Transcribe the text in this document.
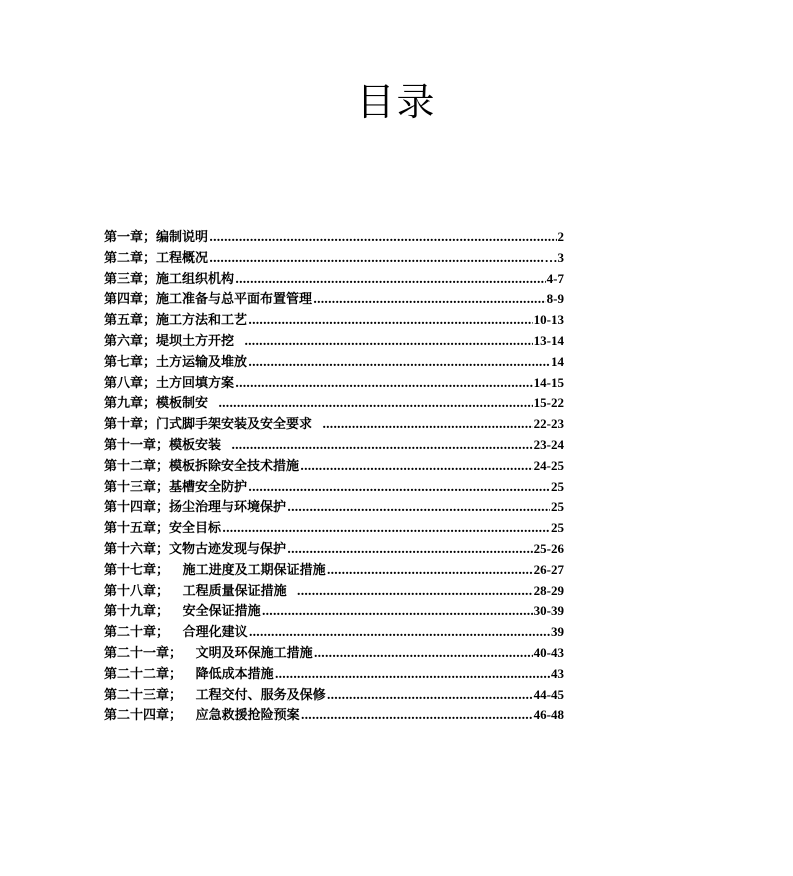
目录
第一章；编制说明 .....	2
第二章；工程概况 .....	…3
第三章；施工组织机构 .....	4-7
第四章；施工准备与总平面布置管理 .....	8-9
第五章；施工方法和工艺 .....	10-13
第六章；堤坝土方开挖 .....	13-14
第七章；土方运输及堆放 .....	14
第八章；土方回填方案 .....	14-15
第九章；模板制安 .....	15-22
第十章；门式脚手架安装及安全要求 .....	22-23
第十一章；模板安装 .....	23-24
第十二章；模板拆除安全技术措施 .....	24-25
第十三章；基槽安全防护 .....	25
第十四章；扬尘治理与环境保护 .....	25
第十五章；安全目标 .....	25
第十六章；文物古迹发现与保护 .....	25-26
第十七章；   施工进度及工期保证措施 .....	26-27
第十八章；   工程质量保证措施 .....	28-29
第十九章；   安全保证措施 .....	30-39
第二十章；   合理化建议 .....	39
第二十一章；   文明及环保施工措施 .....	40-43
第二十二章；   降低成本措施 .....	43
第二十三章；   工程交付、服务及保修 .....	44-45
第二十四章；   应急救援抢险预案 .....	46-48
